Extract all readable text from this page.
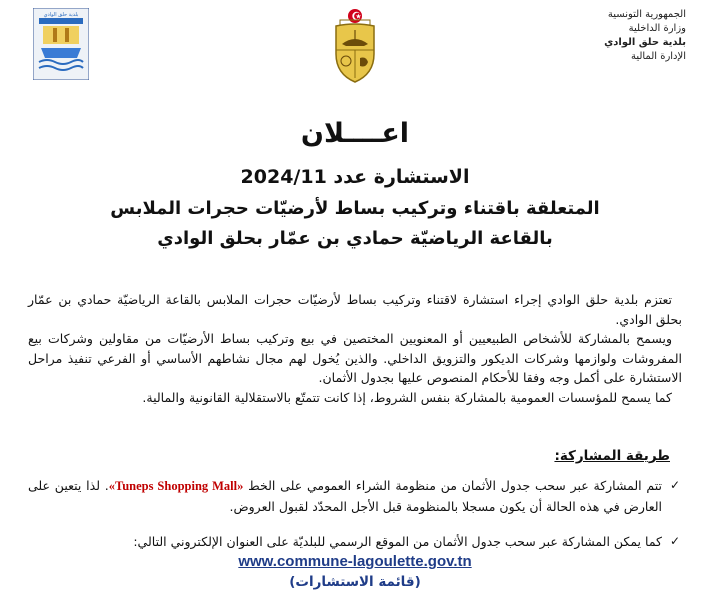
الجمهورية التونسية
وزارة الداخلية
بلدية حلق الوادي
الإدارة المالية
بلدية حلق الوادي
اعــــلان
الاستشارة عدد 2024/11
المتعلقة باقتناء وتركيب بساط لأرضيّات حجرات الملابس
بالقاعة الرياضيّة حمادي بن عمّار بحلق الوادي

تعتزم بلدية حلق الوادي إجراء استشارة لاقتناء وتركيب بساط لأرضيّات حجرات الملابس بالقاعة الرياضيّة حمادي بن عمّار بحلق الوادي.

ويسمح بالمشاركة للأشخاص الطبيعيين أو المعنويين المختصين في بيع وتركيب بساط الأرضيّات من مقاولين وشركات بيع المفروشات ولوازمها وشركات الديكور والتزويق الداخلي. والذين يُخول لهم مجال نشاطهم الأساسي أو الفرعي تنفيذ مراحل الاستشارة على أكمل وجه وفقا للأحكام المنصوص عليها بجدول الأثمان.

كما يسمح للمؤسسات العمومية بالمشاركة بنفس الشروط، إذا كانت تتمتّع بالاستقلالية القانونية والمالية.

طريقة المشاركة:
✓
تتم المشاركة عبر سحب جدول الأثمان من منظومة الشراء العمومي على الخط «Tuneps Shopping Mall». لذا يتعين على العارض في هذه الحالة أن يكون مسجلا بالمنظومة قبل الأجل المحدّد لقبول العروض.
✓
كما يمكن المشاركة عبر سحب جدول الأثمان من الموقع الرسمي للبلديّة على العنوان الإلكتروني التالي:
www.commune-lagoulette.gov.tn
(قائمة الاستشارات)
